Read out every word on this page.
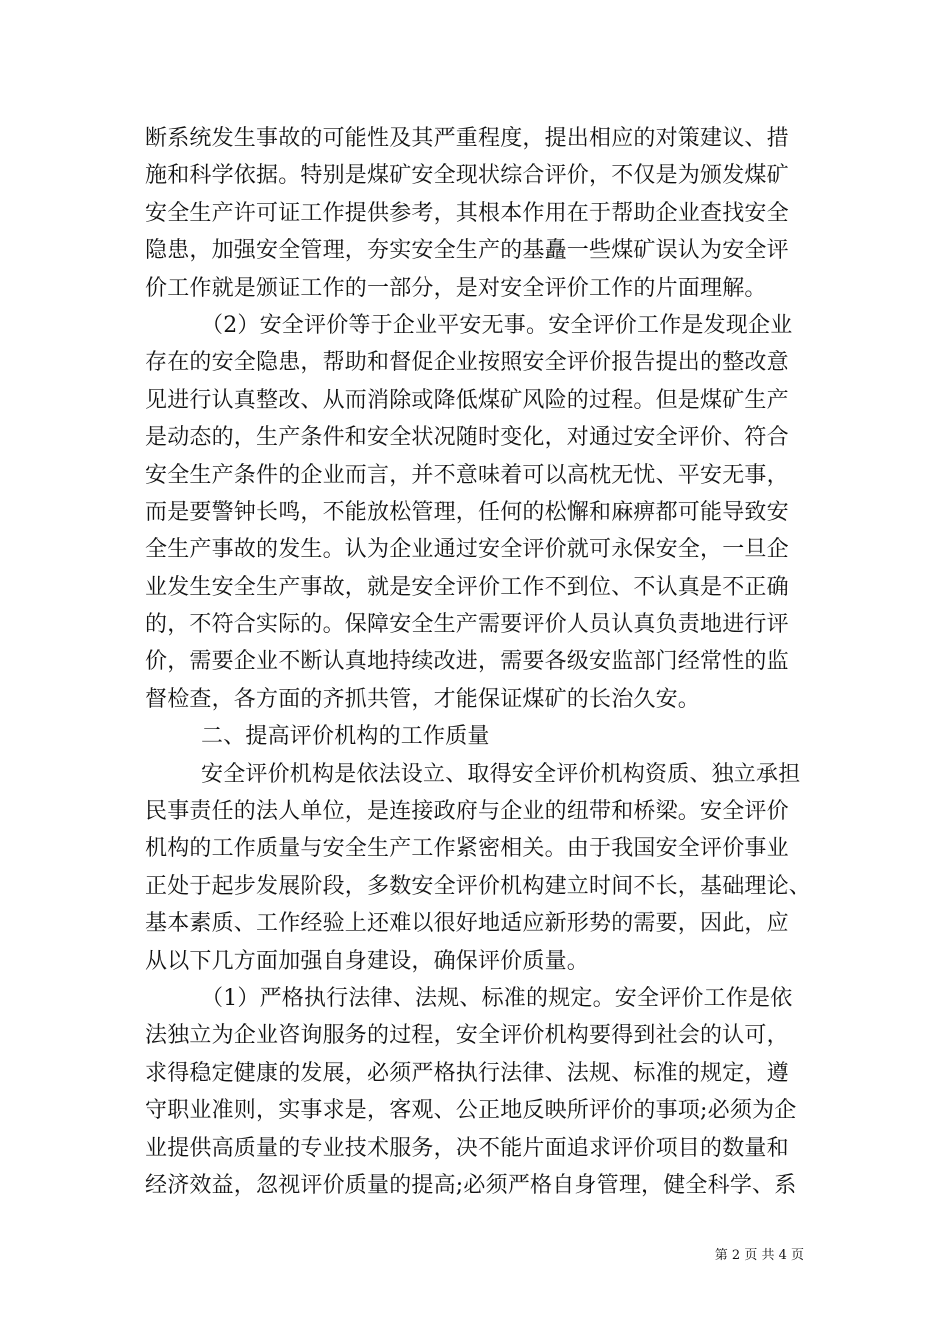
断系统发生事故的可能性及其严重程度，提出相应的对策建议、措
施和科学依据。特别是煤矿安全现状综合评价，不仅是为颁发煤矿
安全生产许可证工作提供参考，其根本作用在于帮助企业查找安全
隐患，加强安全管理，夯实安全生产的基矗一些煤矿误认为安全评
价工作就是颁证工作的一部分，是对安全评价工作的片面理解。
（2）安全评价等于企业平安无事。安全评价工作是发现企业
存在的安全隐患，帮助和督促企业按照安全评价报告提出的整改意
见进行认真整改、从而消除或降低煤矿风险的过程。但是煤矿生产
是动态的，生产条件和安全状况随时变化，对通过安全评价、符合
安全生产条件的企业而言，并不意味着可以高枕无忧、平安无事，
而是要警钟长鸣，不能放松管理，任何的松懈和麻痹都可能导致安
全生产事故的发生。认为企业通过安全评价就可永保安全，一旦企
业发生安全生产事故，就是安全评价工作不到位、不认真是不正确
的，不符合实际的。保障安全生产需要评价人员认真负责地进行评
价，需要企业不断认真地持续改进，需要各级安监部门经常性的监
督检查，各方面的齐抓共管，才能保证煤矿的长治久安。
二、提高评价机构的工作质量
安全评价机构是依法设立、取得安全评价机构资质、独立承担
民事责任的法人单位，是连接政府与企业的纽带和桥梁。安全评价
机构的工作质量与安全生产工作紧密相关。由于我国安全评价事业
正处于起步发展阶段，多数安全评价机构建立时间不长，基础理论、
基本素质、工作经验上还难以很好地适应新形势的需要，因此，应
从以下几方面加强自身建设，确保评价质量。
（1）严格执行法律、法规、标准的规定。安全评价工作是依
法独立为企业咨询服务的过程，安全评价机构要得到社会的认可，
求得稳定健康的发展，必须严格执行法律、法规、标准的规定，遵
守职业准则，实事求是，客观、公正地反映所评价的事项;必须为企
业提供高质量的专业技术服务，决不能片面追求评价项目的数量和
经济效益，忽视评价质量的提高;必须严格自身管理，健全科学、系
第 2 页 共 4 页
